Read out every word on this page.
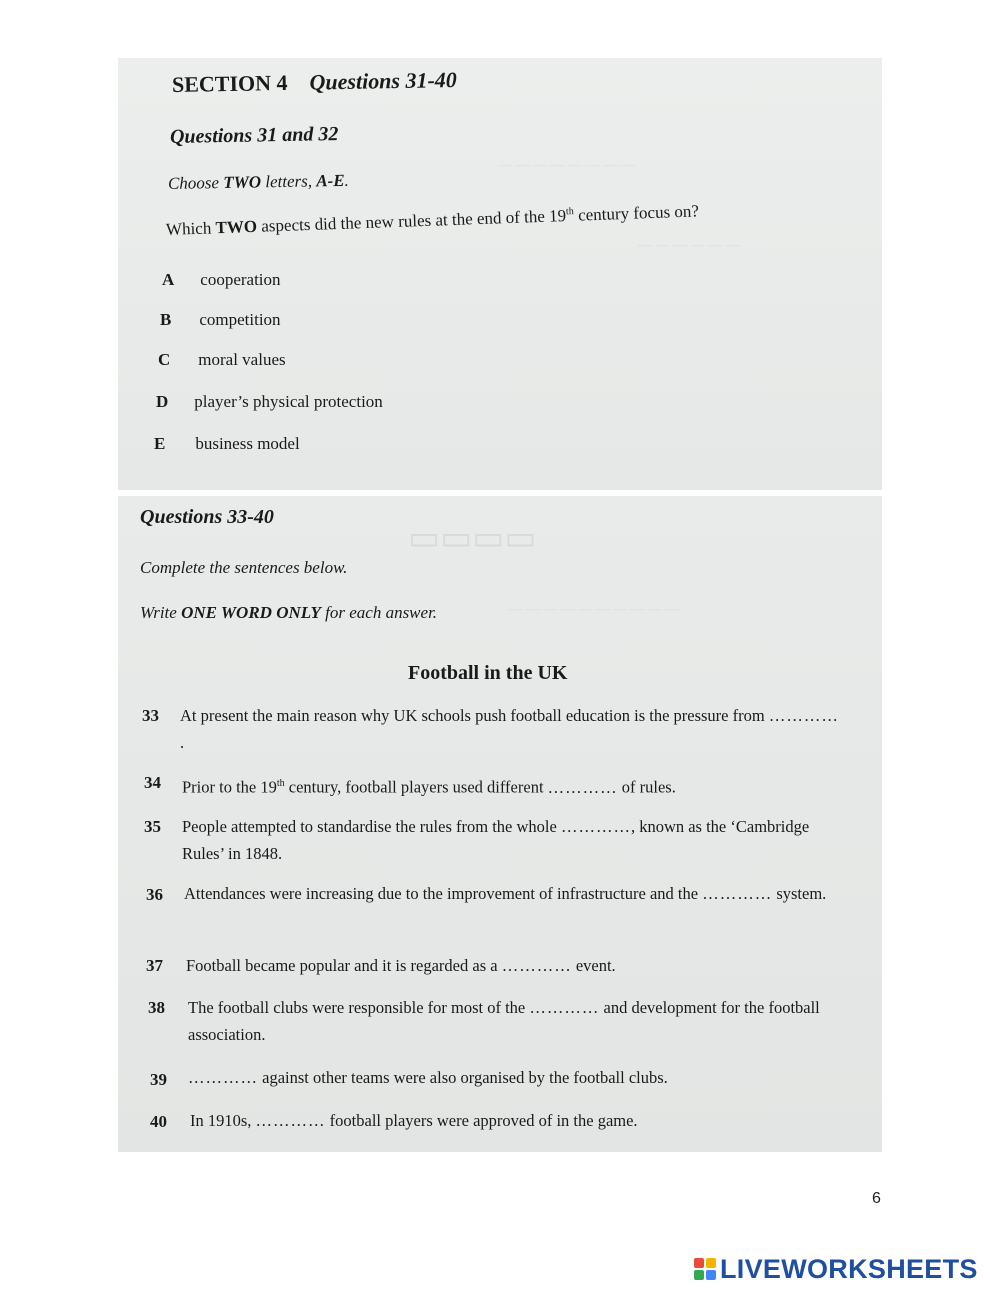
— — — — — — — —
— — — — — —
SECTION 4 Questions 31-40
Questions 31 and 32
Choose TWO letters, A-E.
Which TWO aspects did the new rules at the end of the 19th century focus on?
A cooperation
B competition
C moral values
D player’s physical protection
E business model
▭▭▭▭
— — — — — — — — — —
Questions 33-40
Complete the sentences below.
Write ONE WORD ONLY for each answer.
Football in the UK
33 At present the main reason why UK schools push football education is the pressure from ………….
34 Prior to the 19th century, football players used different ………… of rules.
35 People attempted to standardise the rules from the whole …………, known as the ‘Cambridge Rules’ in 1848.
36 Attendances were increasing due to the improvement of infrastructure and the ………… system.
37 Football became popular and it is regarded as a ………… event.
38 The football clubs were responsible for most of the ………… and development for the football association.
39 ………… against other teams were also organised by the football clubs.
40 In 1910s, ………… football players were approved of in the game.
6
LIVEWORKSHEETS
